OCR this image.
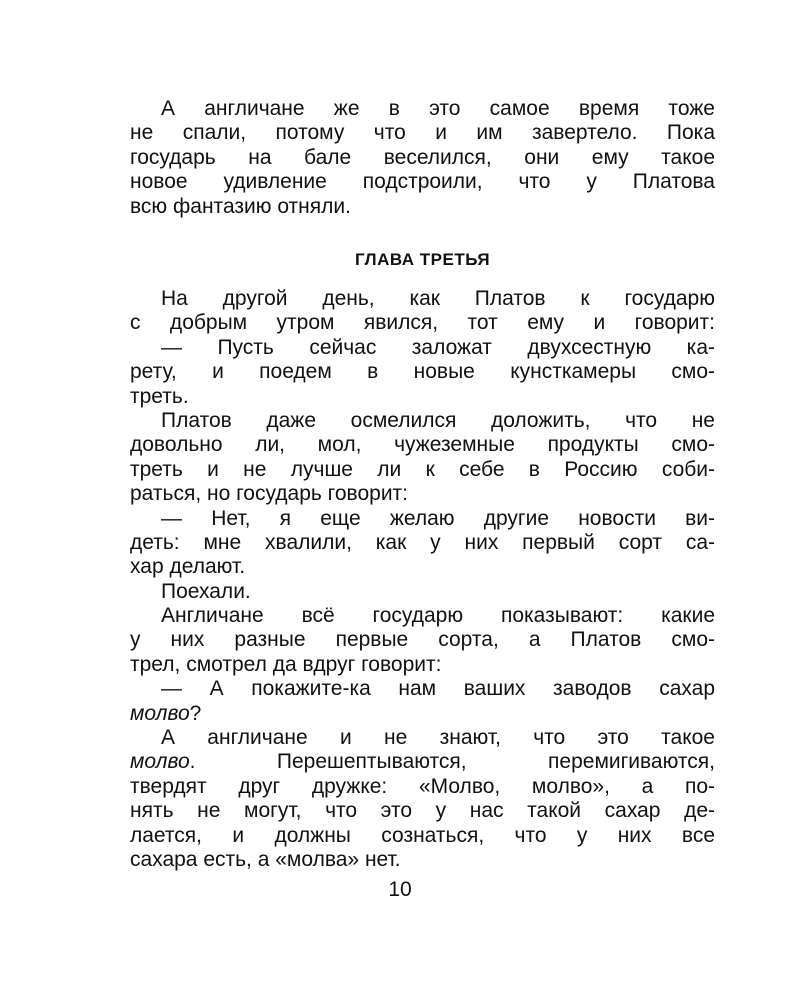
А англичане же в это самое время тоже
не спали, потому что и им завертело. Пока
государь на бале веселился, они ему такое
новое удивление подстроили, что у Платова
всю фантазию отняли.
ГЛАВА ТРЕТЬЯ
На другой день, как Платов к государю
с добрым утром явился, тот ему и говорит:
— Пусть сейчас заложат двухсестную ка-
рету, и поедем в новые кунсткамеры смо-
треть.
Платов даже осмелился доложить, что не
довольно ли, мол, чужеземные продукты смо-
треть и не лучше ли к себе в Россию соби-
раться, но государь говорит:
— Нет, я еще желаю другие новости ви-
деть: мне хвалили, как у них первый сорт са-
хар делают.
Поехали.
Англичане всё государю показывают: какие
у них разные первые сорта, а Платов смо-
трел, смотрел да вдруг говорит:
— А покажите-ка нам ваших заводов сахар
молво?
А англичане и не знают, что это такое
молво. Перешептываются, перемигиваются,
твердят друг дружке: «Молво, молво», а по-
нять не могут, что это у нас такой сахар де-
лается, и должны сознаться, что у них все
сахара есть, а «молва» нет.
10
